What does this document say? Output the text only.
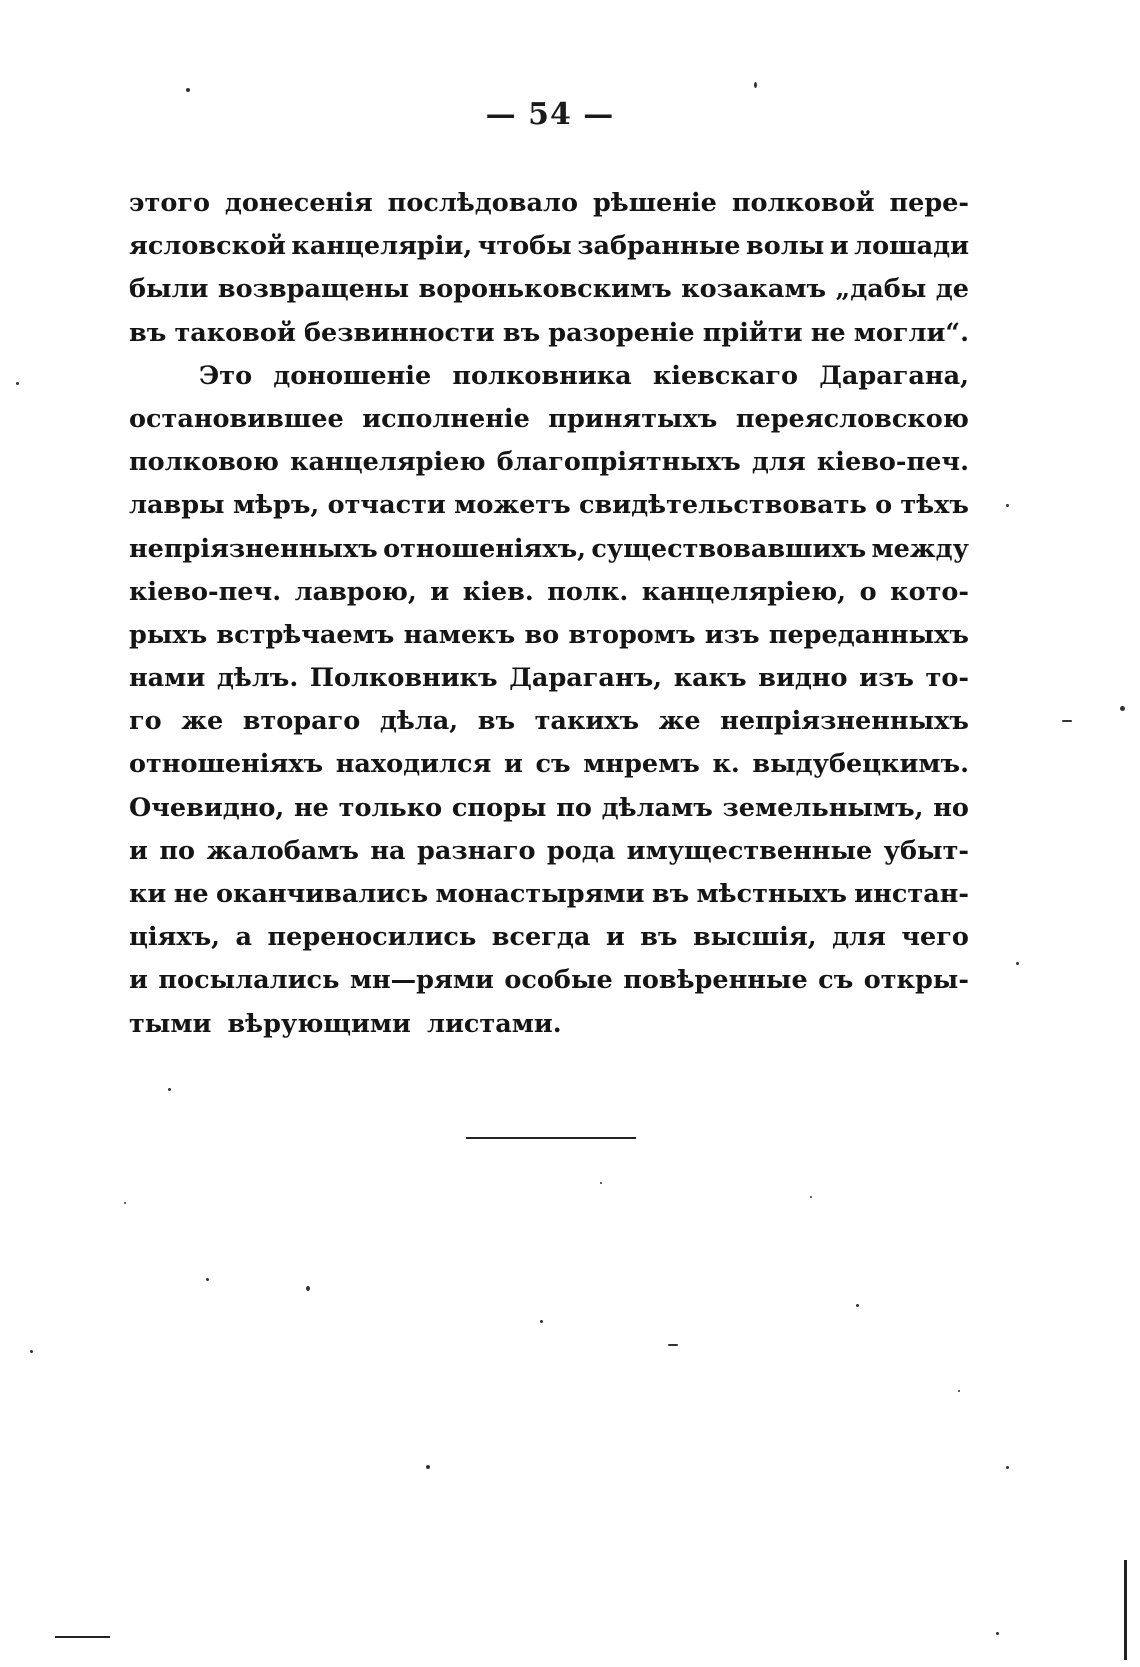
— 54 —
этого донесенія послѣдовало рѣшеніе полковой пере-
ясловской канцеляріи, чтобы забранные волы и лошади
были возвращены вороньковскимъ козакамъ „дабы де
въ таковой безвинности въ разореніе прійти не могли“.
Это доношеніе полковника кіевскаго Дарагана,
остановившее исполненіе принятыхъ переясловскою
полковою канцеляріею благопріятныхъ для кіево-печ.
лавры мѣръ, отчасти можетъ свидѣтельствовать о тѣхъ
непріязненныхъ отношеніяхъ, существовавшихъ между
кіево-печ. лаврою, и кіев. полк. канцеляріею, о кото-
рыхъ встрѣчаемъ намекъ во второмъ изъ переданныхъ
нами дѣлъ. Полковникъ Дараганъ, какъ видно изъ то-
го же втораго дѣла, въ такихъ же непріязненныхъ
отношеніяхъ находился и съ мнремъ к. выдубецкимъ.
Очевидно, не только споры по дѣламъ земельнымъ, но
и по жалобамъ на разнаго рода имущественные убыт-
ки не оканчивались монастырями въ мѣстныхъ инстан-
ціяхъ, а переносились всегда и въ высшія, для чего
и посылались мн—рями особые повѣренные съ откры-
тыми вѣрующими листами.
